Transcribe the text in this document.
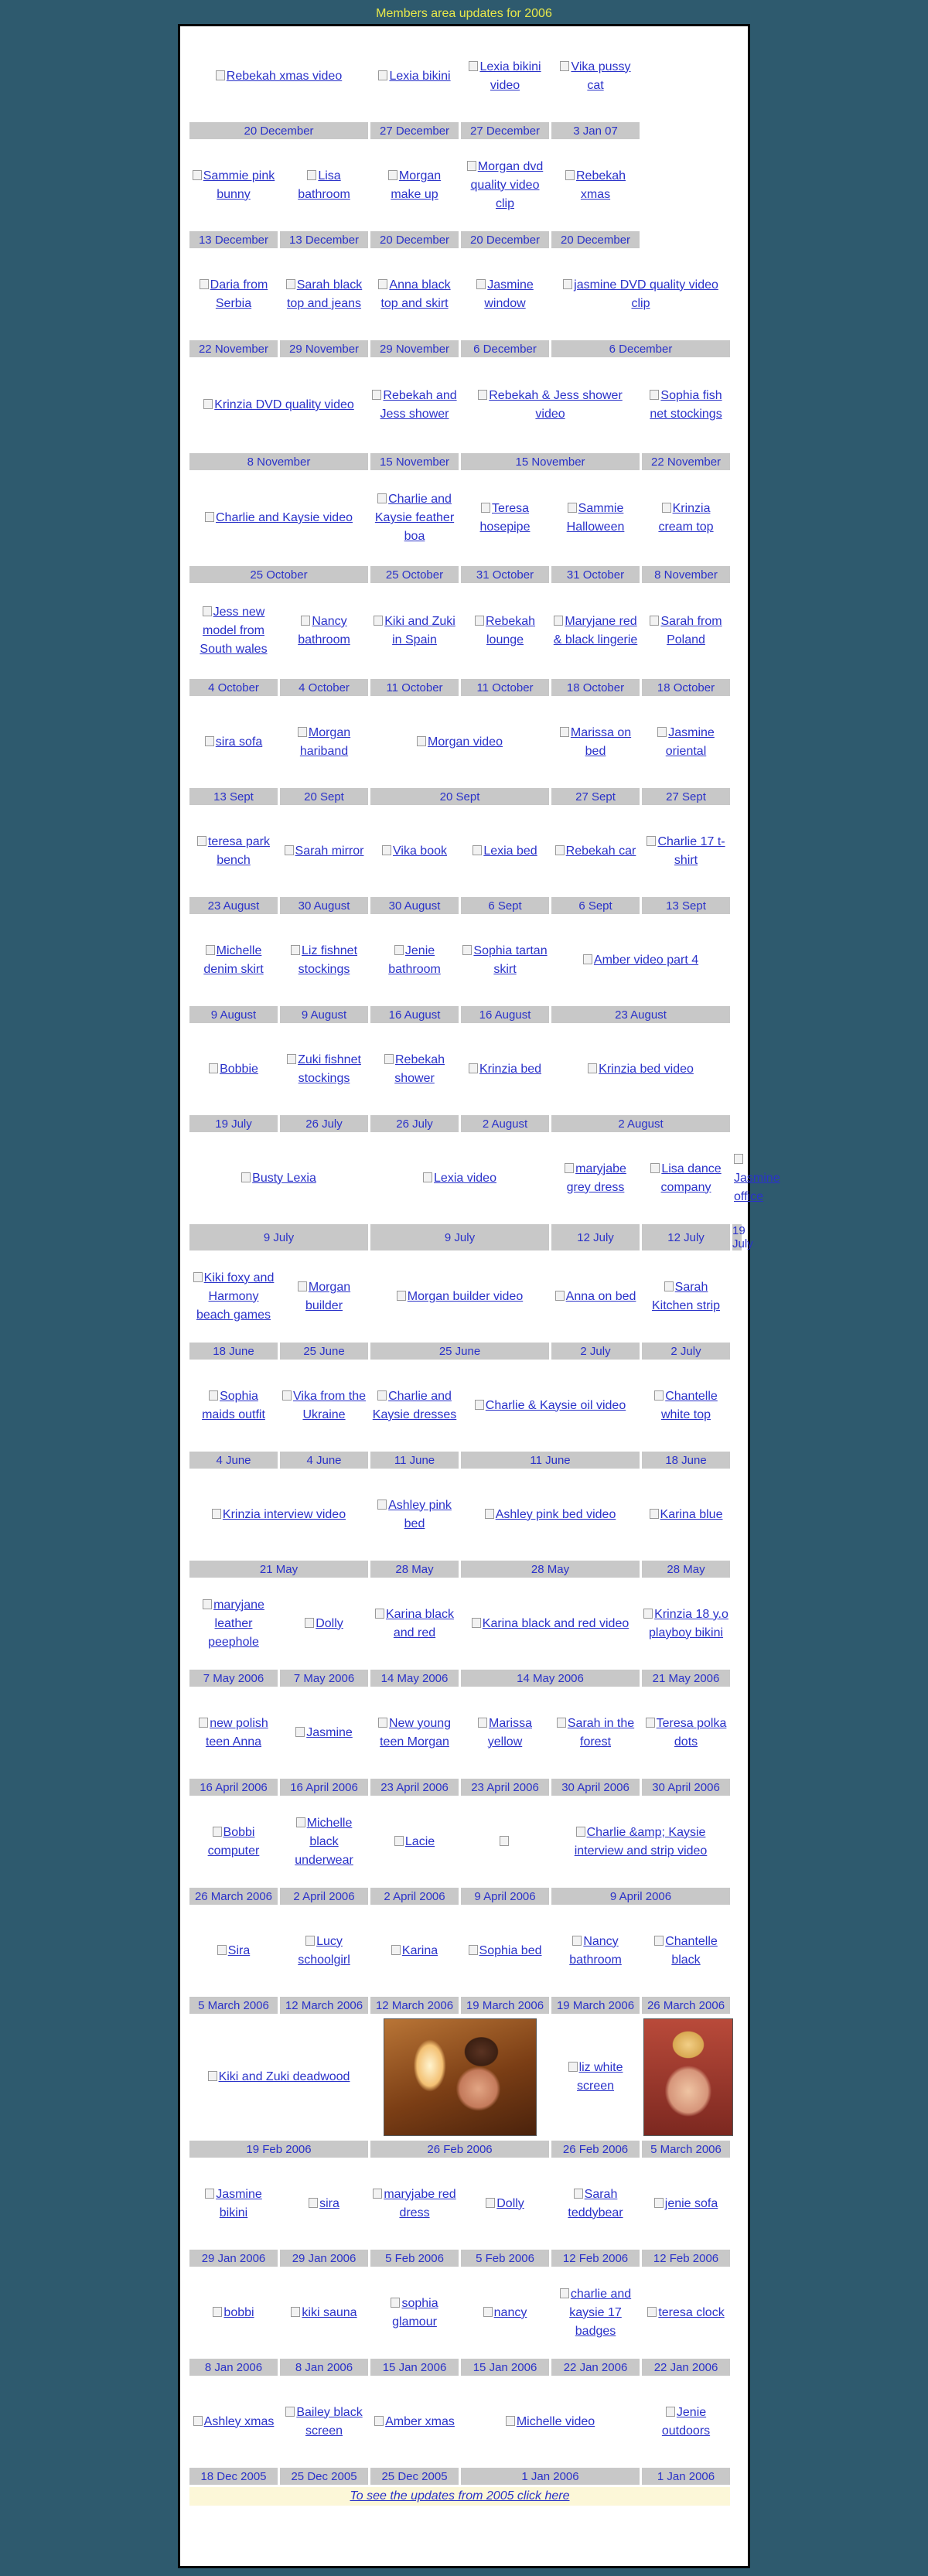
Members area updates for 2006
Rebekah xmas video		Lexia bikini	Lexia bikini video	Vika pussy cat		
20 December		27 December	27 December	3 Jan 07		
Sammie pink bunny	Lisa bathroom	Morgan make up	Morgan dvd quality video clip	Rebekah xmas		
13 December	13 December	20 December	20 December	20 December		
Daria from Serbia	Sarah black top and jeans	Anna black top and skirt	Jasmine window	jasmine DVD quality video clip		
22 November	29 November	29 November	6 December	6 December		
Krinzia DVD quality video		Rebekah and Jess shower	Rebekah & Jess shower video		Sophia fish net stockings	
8 November		15 November	15 November		22 November	
Charlie and Kaysie video		Charlie and Kaysie feather boa	Teresa hosepipe	Sammie Halloween	Krinzia cream top	
25 October		25 October	31 October	31 October	8 November	
Jess new model from South wales	Nancy bathroom	Kiki and Zuki in Spain	Rebekah lounge	Maryjane red & black lingerie	Sarah from Poland	
4 October	4 October	11 October	11 October	18 October	18 October	
sira sofa	Morgan hariband	Morgan video		Marissa on bed	Jasmine oriental	
13 Sept	20 Sept	20 Sept		27 Sept	27 Sept	
teresa park bench	Sarah mirror	Vika book	Lexia bed	Rebekah car	Charlie 17 t-shirt	
23 August	30 August	30 August	6 Sept	6 Sept	13 Sept	
Michelle denim skirt	Liz fishnet stockings	Jenie bathroom	Sophia tartan skirt	Amber video part 4		
9 August	9 August	16 August	16 August	23 August		
Bobbie	Zuki fishnet stockings	Rebekah shower	Krinzia bed	Krinzia bed video		
19 July	26 July	26 July	2 August	2 August		
Busty Lexia		Lexia video		maryjabe grey dress	Lisa dance company	Jasmine office
9 July		9 July		12 July	12 July	19 July
Kiki foxy and Harmony beach games	Morgan builder	Morgan builder video		Anna on bed	Sarah Kitchen strip	
18 June	25 June	25 June		2 July	2 July	
Sophia maids outfit	Vika from the Ukraine	Charlie and Kaysie dresses	Charlie & Kaysie oil video		Chantelle white top	
4 June	4 June	11 June	11 June		18 June	
Krinzia interview video		Ashley pink bed	Ashley pink bed video		Karina blue	
21 May		28 May	28 May		28 May	
maryjane leather peephole	Dolly	Karina black and red	Karina black and red video		Krinzia 18 y.o playboy bikini	
7 May 2006	7 May 2006	14 May 2006	14 May 2006		21 May 2006	
new polish teen Anna	Jasmine	New young teen Morgan	Marissa yellow	Sarah in the forest	Teresa polka dots	
16 April 2006	16 April 2006	23 April 2006	23 April 2006	30 April 2006	30 April 2006	
Bobbi computer	Michelle black underwear	Lacie		Charlie &amp; Kaysie interview and strip video		
26 March 2006	2 April 2006	2 April 2006	9 April 2006	9 April 2006		
Sira	Lucy schoolgirl	Karina	Sophia bed	Nancy bathroom	Chantelle black	
5 March 2006	12 March 2006	12 March 2006	19 March 2006	19 March 2006	26 March 2006	
Kiki and Zuki deadwood				liz white screen		

19 Feb 2006		26 Feb 2006		26 Feb 2006	5 March 2006	
Jasmine bikini	sira	maryjabe red dress	Dolly	Sarah teddybear	jenie sofa	
29 Jan 2006	29 Jan 2006	5 Feb 2006	5 Feb 2006	12 Feb 2006	12 Feb 2006	
bobbi	kiki sauna	sophia glamour	nancy	charlie and kaysie 17 badges	teresa clock	
8 Jan 2006	8 Jan 2006	15 Jan 2006	15 Jan 2006	22 Jan 2006	22 Jan 2006	
Ashley xmas	Bailey black screen	Amber xmas	Michelle video		Jenie outdoors	
18 Dec 2005	25 Dec 2005	25 Dec 2005	1 Jan 2006		1 Jan 2006	
To see the updates from 2005 click here						
